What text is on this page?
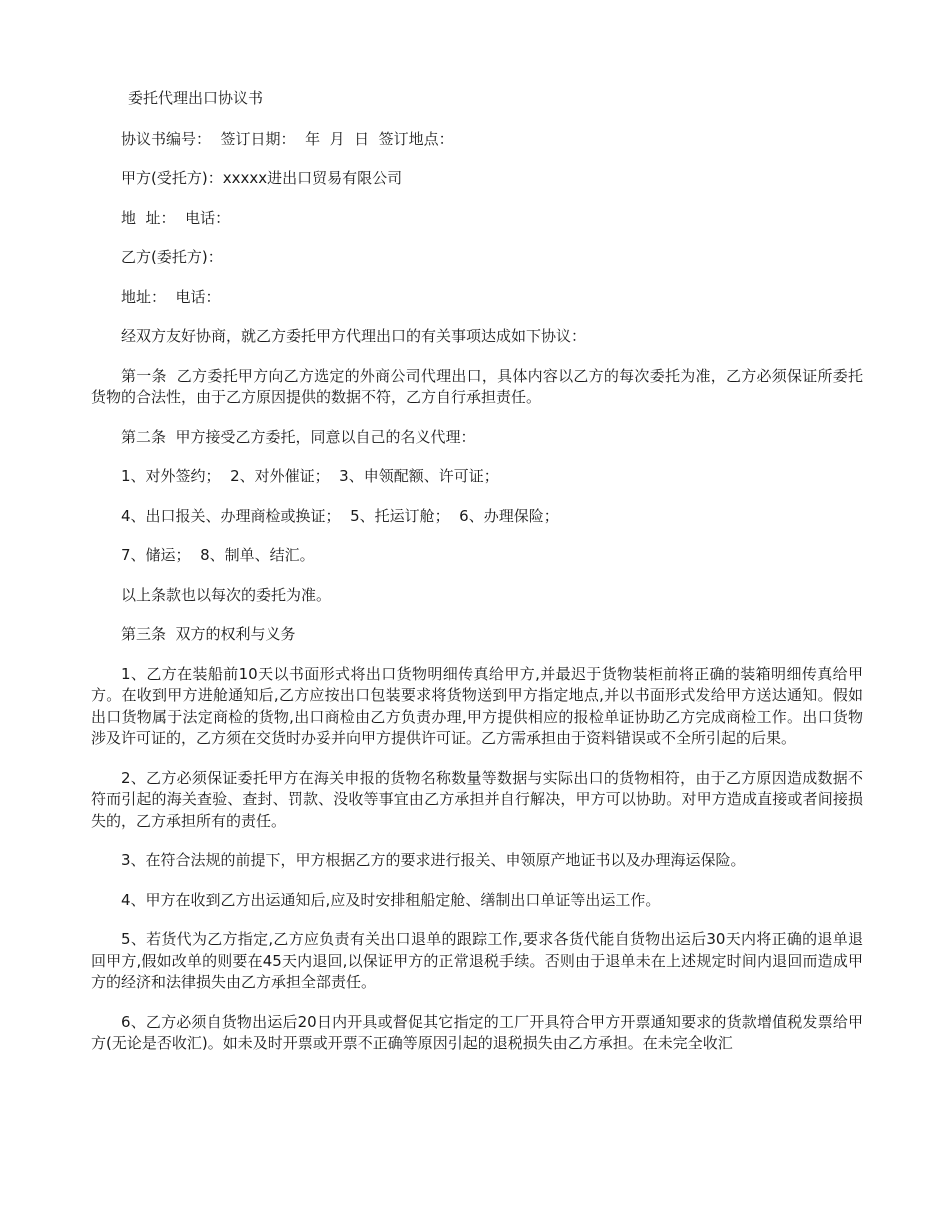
委托代理出口协议书

协议书编号：  签订日期：  年  月  日  签订地点：

甲方(受托方)：xxxxx进出口贸易有限公司

地  址：  电话：

乙方(委托方)：

地址：  电话：

经双方友好协商，就乙方委托甲方代理出口的有关事项达成如下协议：

第一条  乙方委托甲方向乙方选定的外商公司代理出口，具体内容以乙方的每次委托为准，乙方必须保证所委托货物的合法性，由于乙方原因提供的数据不符，乙方自行承担责任。

第二条  甲方接受乙方委托，同意以自己的名义代理：

1、对外签约；  2、对外催证；  3、申领配额、许可证；

4、出口报关、办理商检或换证；  5、托运订舱；  6、办理保险；

7、储运；  8、制单、结汇。

以上条款也以每次的委托为准。

第三条  双方的权利与义务

1、乙方在装船前10天以书面形式将出口货物明细传真给甲方,并最迟于货物装柜前将正确的装箱明细传真给甲方。在收到甲方进舱通知后,乙方应按出口包装要求将货物送到甲方指定地点,并以书面形式发给甲方送达通知。假如出口货物属于法定商检的货物,出口商检由乙方负责办理,甲方提供相应的报检单证协助乙方完成商检工作。出口货物涉及许可证的，乙方须在交货时办妥并向甲方提供许可证。乙方需承担由于资料错误或不全所引起的后果。

2、乙方必须保证委托甲方在海关申报的货物名称数量等数据与实际出口的货物相符，由于乙方原因造成数据不符而引起的海关查验、查封、罚款、没收等事宜由乙方承担并自行解决，甲方可以协助。对甲方造成直接或者间接损失的，乙方承担所有的责任。

3、在符合法规的前提下，甲方根据乙方的要求进行报关、申领原产地证书以及办理海运保险。

4、甲方在收到乙方出运通知后,应及时安排租船定舱、缮制出口单证等出运工作。

5、若货代为乙方指定,乙方应负责有关出口退单的跟踪工作,要求各货代能自货物出运后30天内将正确的退单退回甲方,假如改单的则要在45天内退回,以保证甲方的正常退税手续。否则由于退单未在上述规定时间内退回而造成甲方的经济和法律损失由乙方承担全部责任。

6、乙方必须自货物出运后20日内开具或督促其它指定的工厂开具符合甲方开票通知要求的货款增值税发票给甲方(无论是否收汇)。如未及时开票或开票不正确等原因引起的退税损失由乙方承担。在未完全收汇
